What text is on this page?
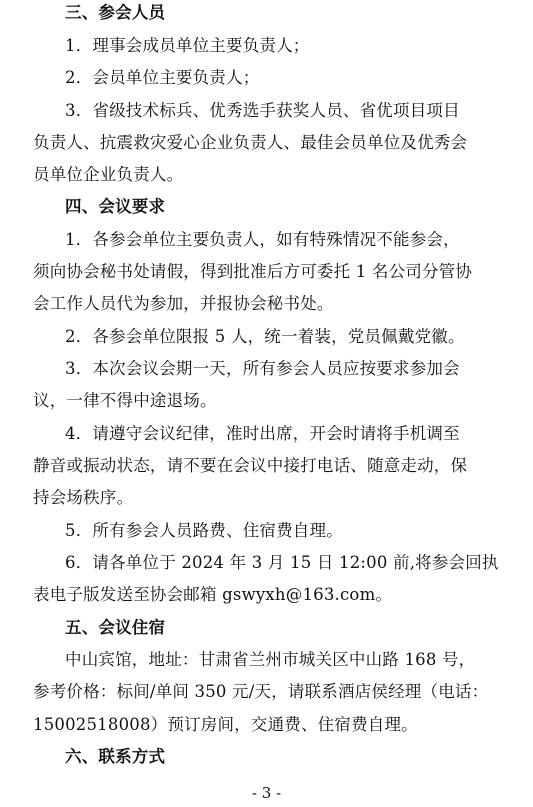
三、参会人员
1．理事会成员单位主要负责人；
2．会员单位主要负责人；
3．省级技术标兵、优秀选手获奖人员、省优项目项目
负责人、抗震救灾爱心企业负责人、最佳会员单位及优秀会
员单位企业负责人。
四、会议要求
1．各参会单位主要负责人，如有特殊情况不能参会，
须向协会秘书处请假，得到批准后方可委托 1 名公司分管协
会工作人员代为参加，并报协会秘书处。
2．各参会单位限报 5 人，统一着装，党员佩戴党徽。
3．本次会议会期一天，所有参会人员应按要求参加会
议，一律不得中途退场。
4．请遵守会议纪律，准时出席，开会时请将手机调至
静音或振动状态，请不要在会议中接打电话、随意走动，保
持会场秩序。
5．所有参会人员路费、住宿费自理。
6．请各单位于 2024 年 3 月 15 日 12:00 前,将参会回执
表电子版发送至协会邮箱 gswyxh@163.com。
五、会议住宿
中山宾馆，地址：甘肃省兰州市城关区中山路 168 号，
参考价格：标间/单间 350 元/天，请联系酒店侯经理（电话：
15002518008）预订房间，交通费、住宿费自理。
六、联系方式
- 3 -
